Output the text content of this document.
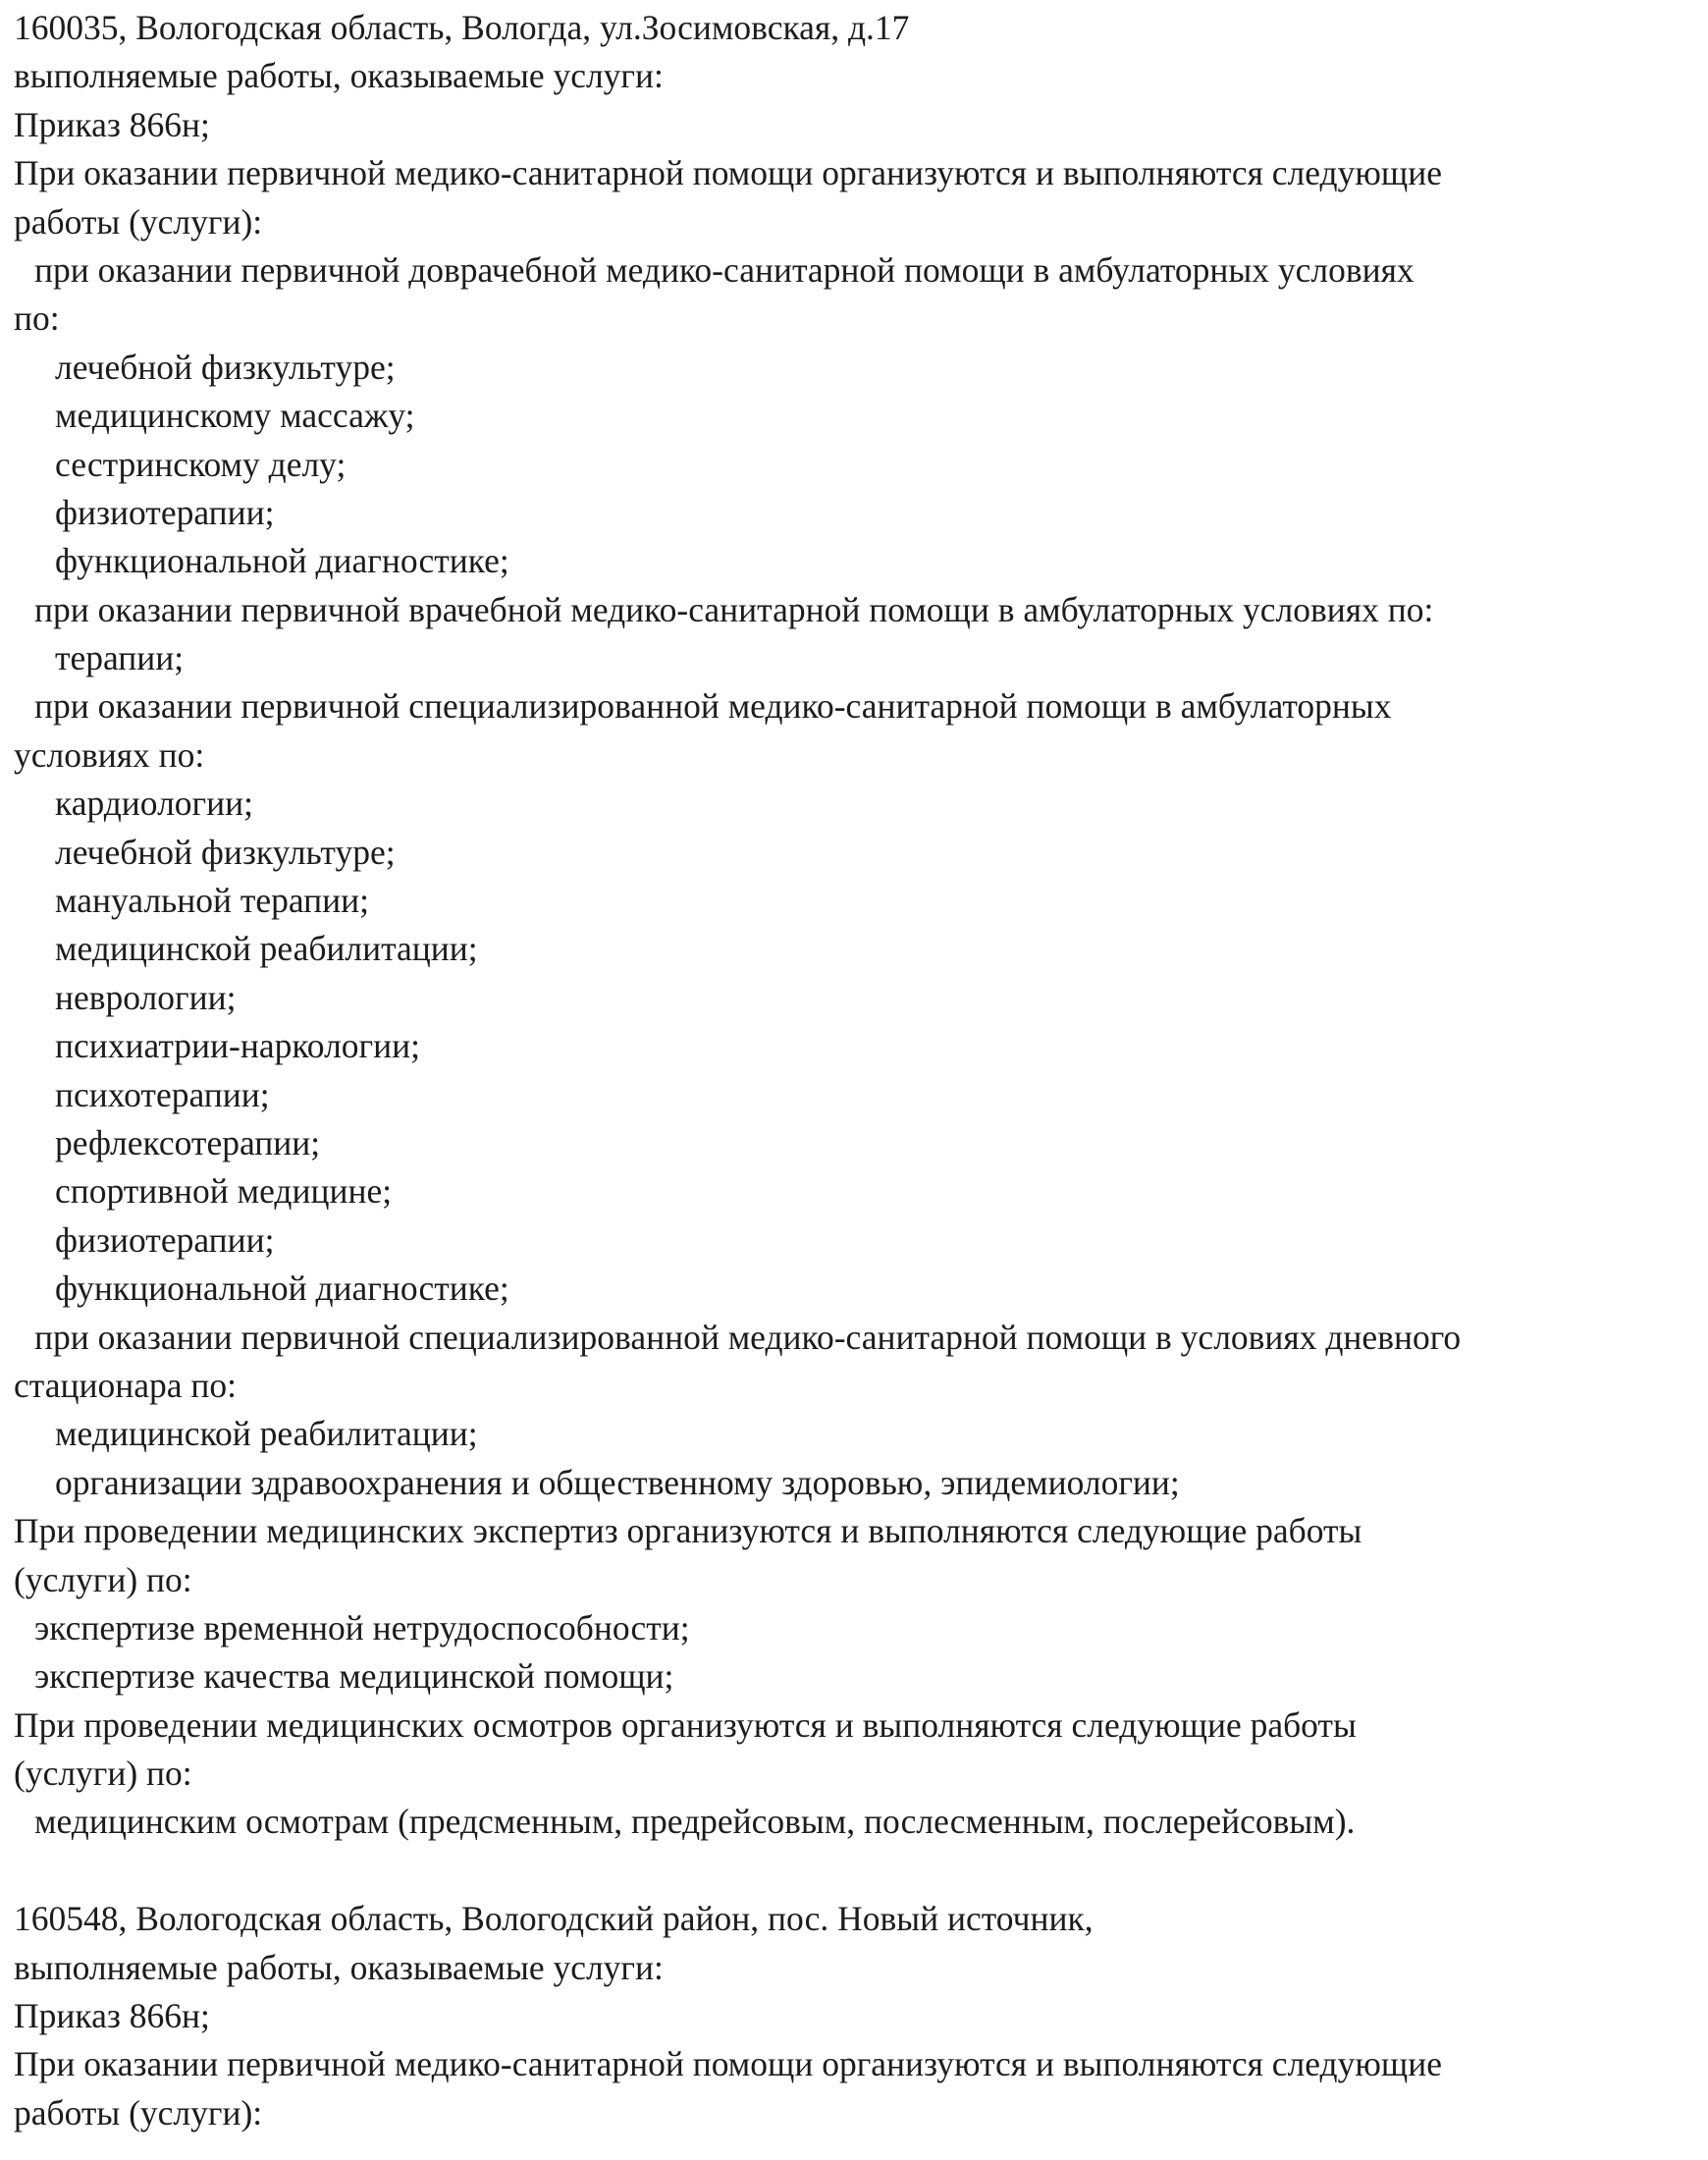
160035, Вологодская область, Вологда, ул.Зосимовская, д.17
выполняемые работы, оказываемые услуги:
Приказ 866н;
При оказании первичной медико-санитарной помощи организуются и выполняются следующие
работы (услуги):
при оказании первичной доврачебной медико-санитарной помощи в амбулаторных условиях
по:
лечебной физкультуре;
медицинскому массажу;
сестринскому делу;
физиотерапии;
функциональной диагностике;
при оказании первичной врачебной медико-санитарной помощи в амбулаторных условиях по:
терапии;
при оказании первичной специализированной медико-санитарной помощи в амбулаторных
условиях по:
кардиологии;
лечебной физкультуре;
мануальной терапии;
медицинской реабилитации;
неврологии;
психиатрии-наркологии;
психотерапии;
рефлексотерапии;
спортивной медицине;
физиотерапии;
функциональной диагностике;
при оказании первичной специализированной медико-санитарной помощи в условиях дневного
стационара по:
медицинской реабилитации;
организации здравоохранения и общественному здоровью, эпидемиологии;
При проведении медицинских экспертиз организуются и выполняются следующие работы
(услуги) по:
экспертизе временной нетрудоспособности;
экспертизе качества медицинской помощи;
При проведении медицинских осмотров организуются и выполняются следующие работы
(услуги) по:
медицинским осмотрам (предсменным, предрейсовым, послесменным, послерейсовым).
160548, Вологодская область, Вологодский район, пос. Новый источник,
выполняемые работы, оказываемые услуги:
Приказ 866н;
При оказании первичной медико-санитарной помощи организуются и выполняются следующие
работы (услуги):
